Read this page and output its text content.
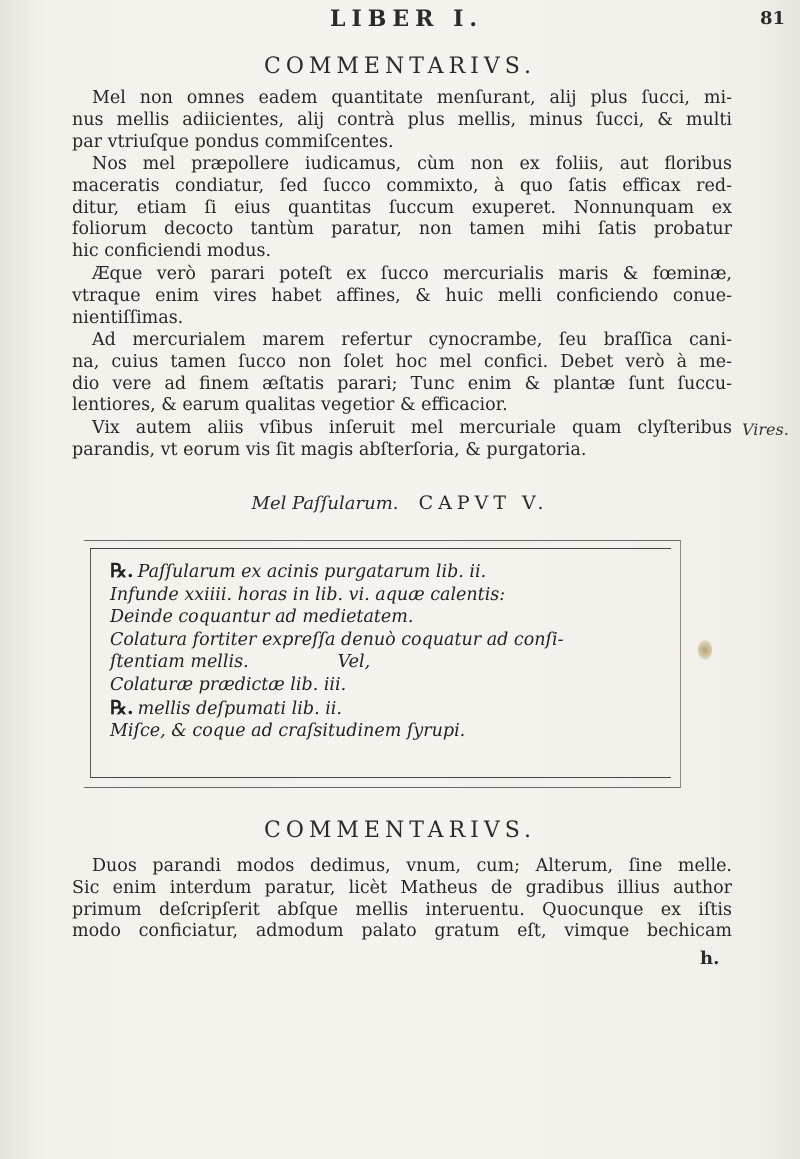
LIBER I.	81
COMMENTARIVS.

Mel non omnes eadem quantitate menſurant, alij plus ſucci, mi-
nus mellis adiicientes, alij contrà plus mellis, minus ſucci, & multi
par vtriuſque pondus commiſcentes.

Nos mel præpollere iudicamus, cùm non ex foliis, aut floribus
maceratis condiatur, ſed ſucco commixto, à quo ſatis efficax red-
ditur, etiam ſi eius quantitas ſuccum exuperet. Nonnunquam ex
foliorum decocto tantùm paratur, non tamen mihi ſatis probatur
hic conficiendi modus.

Æque verò parari poteſt ex ſucco mercurialis maris & fœminæ,
vtraque enim vires habet affines, & huic melli conficiendo conue-
nientiſſimas.

Ad mercurialem marem refertur cynocrambe, ſeu braſſica cani-
na, cuius tamen ſucco non ſolet hoc mel confici. Debet verò à me-
dio vere ad finem æſtatis parari; Tunc enim & plantæ ſunt ſuccu-
lentiores, & earum qualitas vegetior & efficacior.

Vix autem aliis vſibus inſeruit mel mercuriale quam clyſteribus
parandis, vt eorum vis ſit magis abſterſoria, & purgatoria.

Vires.
Mel Paſſularum. CAPVT V.
℞. Paſſularum ex acinis purgatarum lib. ii.
Infunde xxiiii. horas in lib. vi. aquæ calentis:
Deinde coquantur ad medietatem.
Colatura fortiter expreſſa denuò coquatur ad conſi-
ſtentiam mellis.                Vel,
Colaturæ prædictæ lib. iii.
℞. mellis deſpumati lib. ii.
Miſce, & coque ad craſsitudinem ſyrupi.
COMMENTARIVS.

Duos parandi modos dedimus, vnum, cum; Alterum, ſine melle.
Sic enim interdum paratur, licèt Matheus de gradibus illius author
primum deſcripſerit abſque mellis interuentu. Quocunque ex iſtis
modo conficiatur, admodum palato gratum eſt, vimque bechicam

h.
